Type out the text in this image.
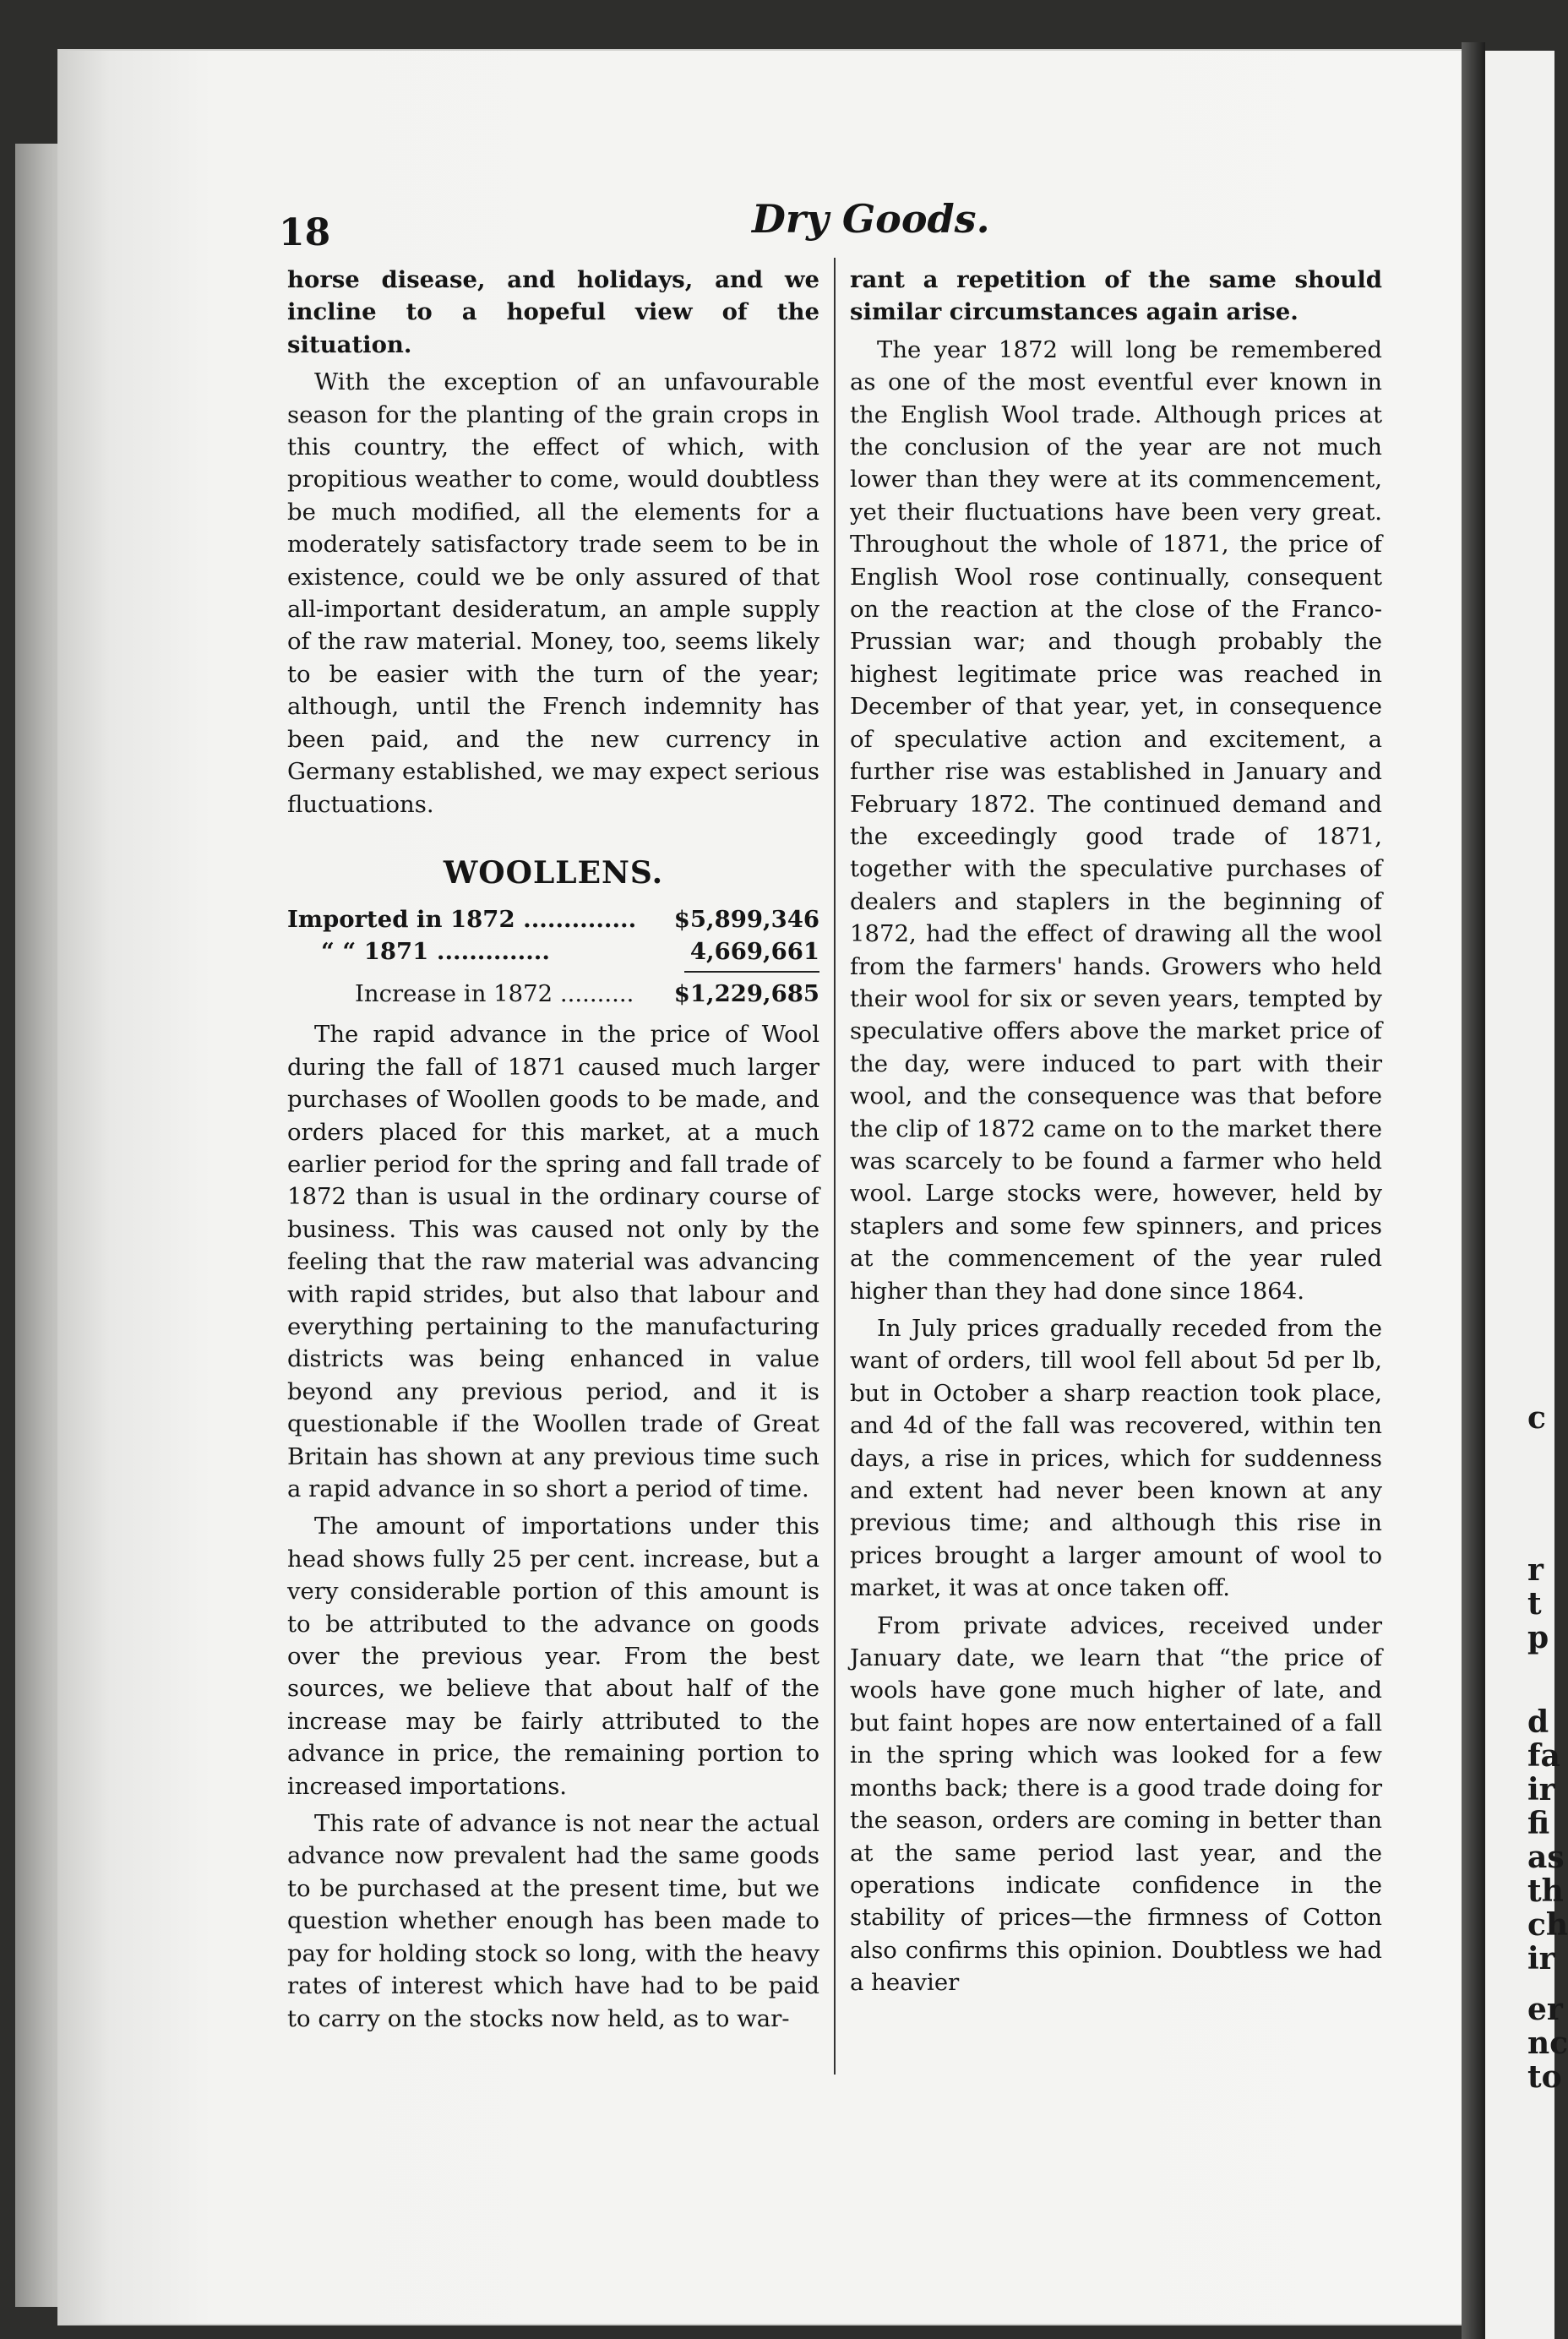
c
r
t
p
d
fa
ir
fi
as
th
ch
ir
er
nc
to
18	Dry Goods.

horse disease, and holidays, and we incline to a hopeful view of the situation.

With the exception of an unfavourable season for the planting of the grain crops in this country, the effect of which, with propitious weather to come, would doubtless be much modified, all the elements for a moderately satisfactory trade seem to be in existence, could we be only assured of that all-important desideratum, an ample supply of the raw material. Money, too, seems likely to be easier with the turn of the year; although, until the French indemnity has been paid, and the new currency in Germany established, we may expect serious fluctuations.

WOOLLENS.
Imported in 1872 ..............	$5,899,346
“ “ 1871 ..............	4,669,661
Increase in 1872 .......... $1,229,685

The rapid advance in the price of Wool during the fall of 1871 caused much larger purchases of Woollen goods to be made, and orders placed for this market, at a much earlier period for the spring and fall trade of 1872 than is usual in the ordinary course of business. This was caused not only by the feeling that the raw material was advancing with rapid strides, but also that labour and everything pertaining to the manufacturing districts was being enhanced in value beyond any previous period, and it is questionable if the Woollen trade of Great Britain has shown at any previous time such a rapid advance in so short a period of time.

The amount of importations under this head shows fully 25 per cent. increase, but a very considerable portion of this amount is to be attributed to the advance on goods over the previous year. From the best sources, we believe that about half of the increase may be fairly attributed to the advance in price, the remaining portion to increased importations.

This rate of advance is not near the actual advance now prevalent had the same goods to be purchased at the present time, but we question whether enough has been made to pay for holding stock so long, with the heavy rates of interest which have had to be paid to carry on the stocks now held, as to war-

rant a repetition of the same should similar circumstances again arise.

The year 1872 will long be remembered as one of the most eventful ever known in the English Wool trade. Although prices at the conclusion of the year are not much lower than they were at its commencement, yet their fluctuations have been very great. Throughout the whole of 1871, the price of English Wool rose continually, consequent on the reaction at the close of the Franco-Prussian war; and though probably the highest legitimate price was reached in December of that year, yet, in consequence of speculative action and excitement, a further rise was established in January and February 1872. The continued demand and the exceedingly good trade of 1871, together with the speculative purchases of dealers and staplers in the beginning of 1872, had the effect of drawing all the wool from the farmers' hands. Growers who held their wool for six or seven years, tempted by speculative offers above the market price of the day, were induced to part with their wool, and the consequence was that before the clip of 1872 came on to the market there was scarcely to be found a farmer who held wool. Large stocks were, however, held by staplers and some few spinners, and prices at the commencement of the year ruled higher than they had done since 1864.

In July prices gradually receded from the want of orders, till wool fell about 5d per lb, but in October a sharp reaction took place, and 4d of the fall was recovered, within ten days, a rise in prices, which for suddenness and extent had never been known at any previous time; and although this rise in prices brought a larger amount of wool to market, it was at once taken off.

From private advices, received under January date, we learn that “the price of wools have gone much higher of late, and but faint hopes are now entertained of a fall in the spring which was looked for a few months back; there is a good trade doing for the season, orders are coming in better than at the same period last year, and the operations indicate confidence in the stability of prices—the firmness of Cotton also confirms this opinion. Doubtless we had a heavier
